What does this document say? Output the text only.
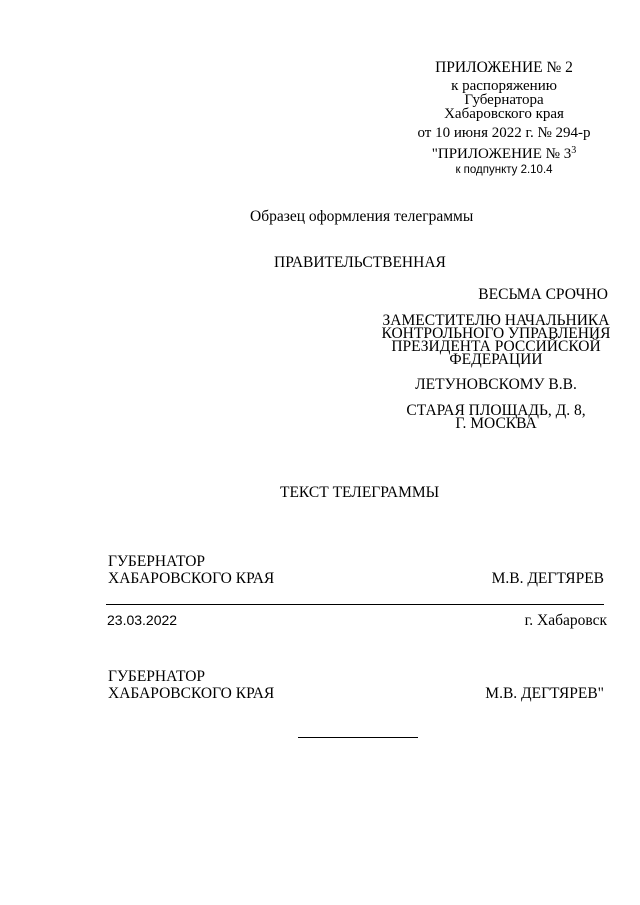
ПРИЛОЖЕНИЕ № 2
к распоряжению
Губернатора
Хабаровского края
от 10 июня 2022 г. № 294-р
"ПРИЛОЖЕНИЕ № $3^3$
к подпункту 2.10.4
Образец оформления телеграммы
ПРАВИТЕЛЬСТВЕННАЯ
ВЕСЬМА СРОЧНО
ЗАМЕСТИТЕЛЮ НАЧАЛЬНИКА
КОНТРОЛЬНОГО УПРАВЛЕНИЯ
ПРЕЗИДЕНТА РОССИЙСКОЙ
ФЕДЕРАЦИИ
ЛЕТУНОВСКОМУ В.В.
СТАРАЯ ПЛОЩАДЬ, Д. 8,
Г. МОСКВА
ТЕКСТ ТЕЛЕГРАММЫ
ГУБЕРНАТОР
ХАБАРОВСКОГО КРАЯ	М.В. ДЕГТЯРЕВ
23.03.2022	г. Хабаровск
ГУБЕРНАТОР
ХАБАРОВСКОГО КРАЯ	М.В. ДЕГТЯРЕВ"
